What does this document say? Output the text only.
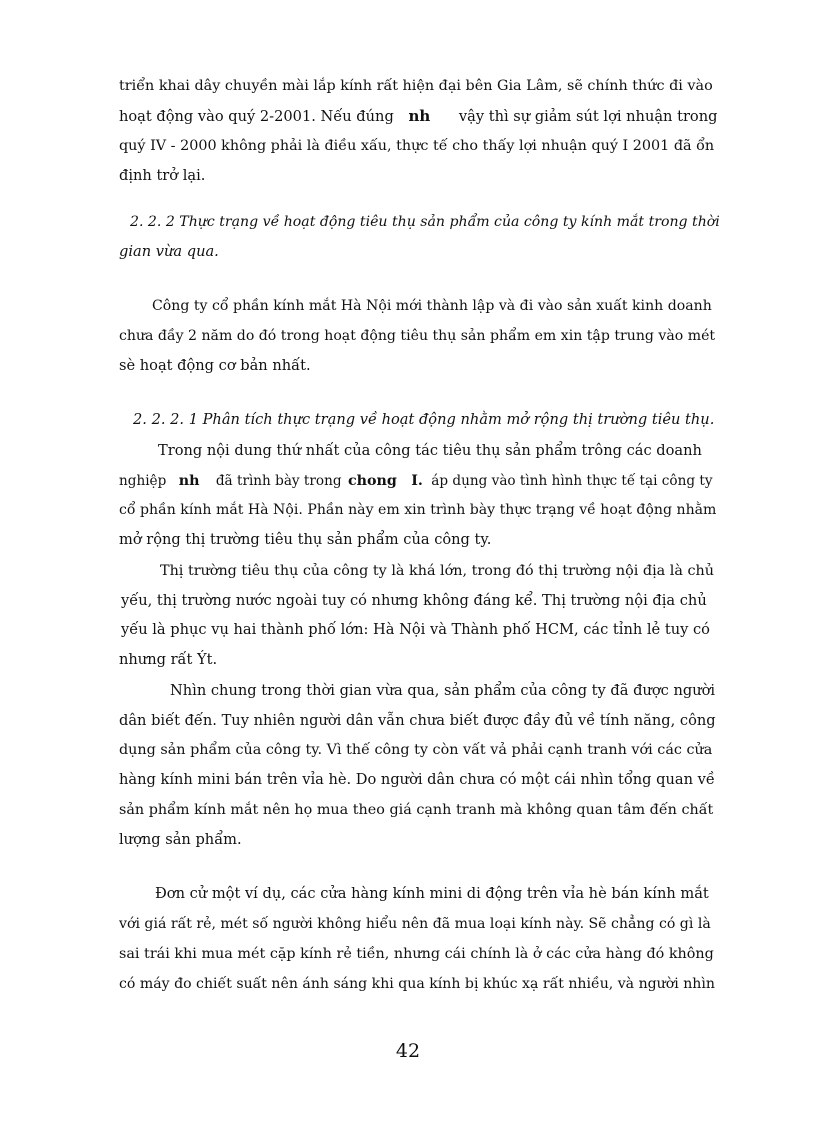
triển khai dây chuyền mài lắp kính rất hiện đại bên Gia Lâm, sẽ chính thức đi vào
hoạt động vào quý 2-2001. Nếu đúng nh vậy thì sự giảm sút lợi nhuận trong
quý IV - 2000 không phải là điều xấu, thực tế cho thấy lợi nhuận quý I 2001 đã ổn
định trở lại.
2. 2. 2 Thực trạng về hoạt động tiêu thụ sản phẩm của công ty kính mắt trong thời
gian vừa qua.
Công ty cổ phần kính mắt Hà Nội mới thành lập và đi vào sản xuất kinh doanh
chưa đầy 2 năm do đó trong hoạt động tiêu thụ sản phẩm em xin tập trung vào mét
sè hoạt động cơ bản nhất.
2. 2. 2. 1 Phân tích thực trạng về hoạt động nhằm mở rộng thị trường tiêu thụ.
Trong nội dung thứ nhất của công tác tiêu thụ sản phẩm trông các doanh
nghiệp nh đã trình bày trong chong I. áp dụng vào tình hình thực tế tại công ty
cổ phần kính mắt Hà Nội. Phần này em xin trình bày thực trạng về hoạt động nhằm
mở rộng thị trường tiêu thụ sản phẩm của công ty.
Thị trường tiêu thụ của công ty là khá lớn, trong đó thị trường nội địa là chủ
yếu, thị trường nước ngoài tuy có nhưng không đáng kể. Thị trường nội địa chủ
yếu là phục vụ hai thành phố lớn: Hà Nội và Thành phố HCM, các tỉnh lẻ tuy có
nhưng rất Ýt.
Nhìn chung trong thời gian vừa qua, sản phẩm của công ty đã được người
dân biết đến. Tuy nhiên người dân vẫn chưa biết được đầy đủ về tính năng, công
dụng sản phẩm của công ty. Vì thế công ty còn vất vả phải cạnh tranh với các cửa
hàng kính mini bán trên vỉa hè. Do người dân chưa có một cái nhìn tổng quan về
sản phẩm kính mắt nên họ mua theo giá cạnh tranh mà không quan tâm đến chất
lượng sản phẩm.
Đơn cử một ví dụ, các cửa hàng kính mini di động trên vỉa hè bán kính mắt
với giá rất rẻ, mét số người không hiểu nên đã mua loại kính này. Sẽ chẳng có gì là
sai trái khi mua mét cặp kính rẻ tiền, nhưng cái chính là ở các cửa hàng đó không
có máy đo chiết suất nên ánh sáng khi qua kính bị khúc xạ rất nhiều, và người nhìn
42
